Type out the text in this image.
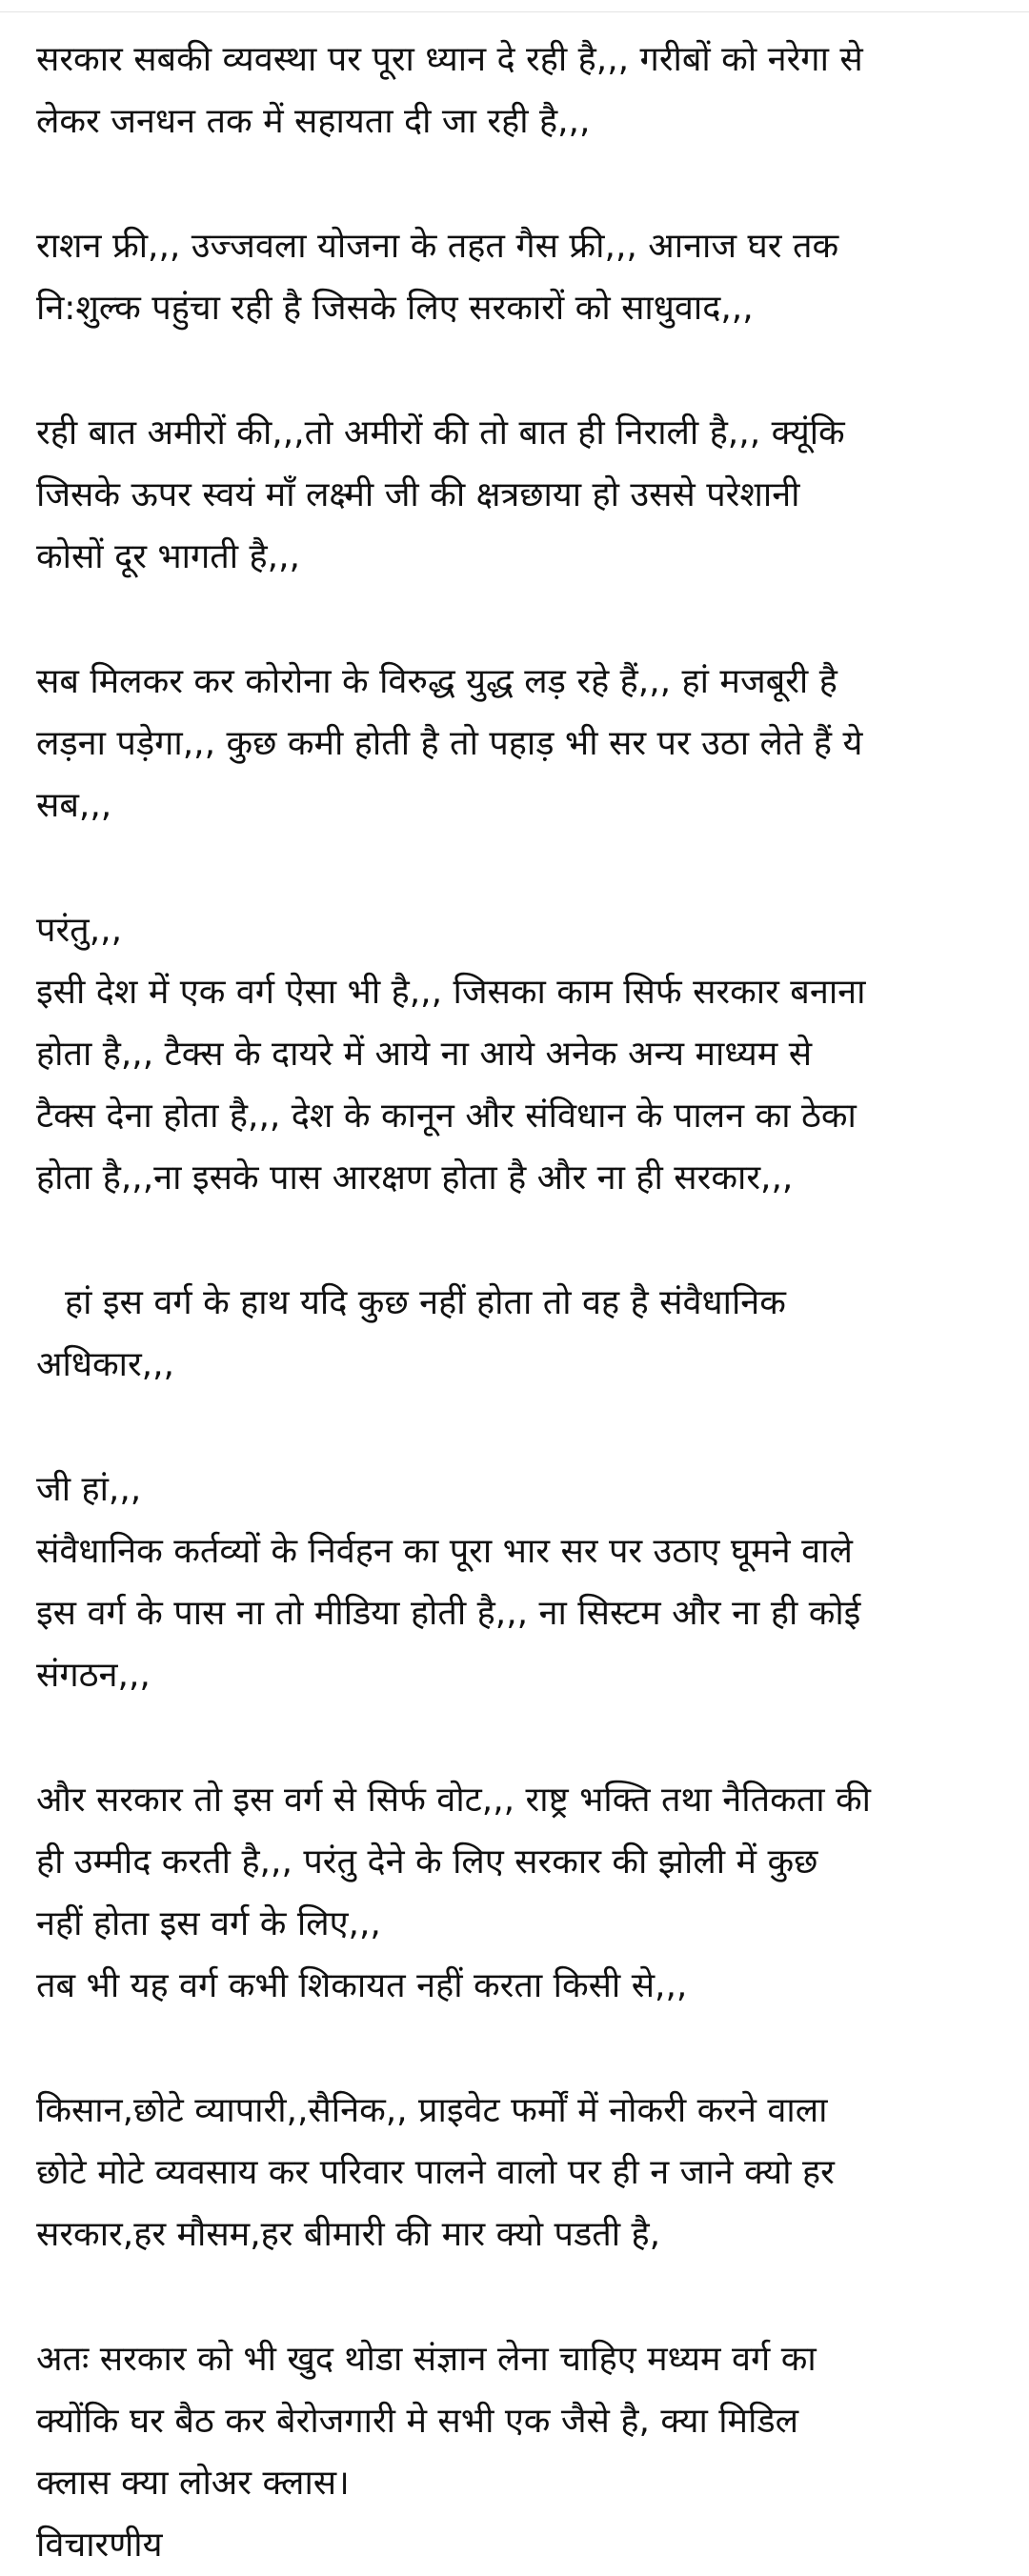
सरकार सबकी व्यवस्था पर पूरा ध्यान दे रही है,,, गरीबों को नरेगा से
लेकर जनधन तक में सहायता दी जा रही है,,,
राशन फ्री,,, उज्जवला योजना के तहत गैस फ्री,,, आनाज घर तक
नि:शुल्क पहुंचा रही है जिसके लिए सरकारों को साधुवाद,,,
रही बात अमीरों की,,,तो अमीरों की तो बात ही निराली है,,, क्यूंकि
जिसके ऊपर स्वयं माँ लक्ष्मी जी की क्षत्रछाया हो उससे परेशानी
कोसों दूर भागती है,,,
सब मिलकर कर कोरोना के विरुद्ध युद्ध लड़ रहे हैं,,, हां मजबूरी है
लड़ना पड़ेगा,,, कुछ कमी होती है तो पहाड़ भी सर पर उठा लेते हैं ये
सब,,,
परंतु,,,
इसी देश में एक वर्ग ऐसा भी है,,, जिसका काम सिर्फ सरकार बनाना
होता है,,, टैक्स के दायरे में आये ना आये अनेक अन्य माध्यम से
टैक्स देना होता है,,, देश के कानून और संविधान के पालन का ठेका
होता है,,,ना इसके पास आरक्षण होता है और ना ही सरकार,,,
हां इस वर्ग के हाथ यदि कुछ नहीं होता तो वह है संवैधानिक
अधिकार,,,
जी हां,,,
संवैधानिक कर्तव्यों के निर्वहन का पूरा भार सर पर उठाए घूमने वाले
इस वर्ग के पास ना तो मीडिया होती है,,, ना सिस्टम और ना ही कोई
संगठन,,,
और सरकार तो इस वर्ग से सिर्फ वोट,,, राष्ट्र भक्ति तथा नैतिकता की
ही उम्मीद करती है,,, परंतु देने के लिए सरकार की झोली में कुछ
नहीं होता इस वर्ग के लिए,,,
तब भी यह वर्ग कभी शिकायत नहीं करता किसी से,,,
किसान,छोटे व्यापारी,,सैनिक,, प्राइवेट फर्मों में नोकरी करने वाला
छोटे मोटे व्यवसाय कर परिवार पालने वालो पर ही न जाने क्यो हर
सरकार,हर मौसम,हर बीमारी की मार क्यो पडती है,
अतः सरकार को भी खुद थोडा संज्ञान लेना चाहिए मध्यम वर्ग का
क्योंकि घर बैठ कर बेरोजगारी मे सभी एक जैसे है, क्या मिडिल
क्लास क्या लोअर क्लास।
विचारणीय
